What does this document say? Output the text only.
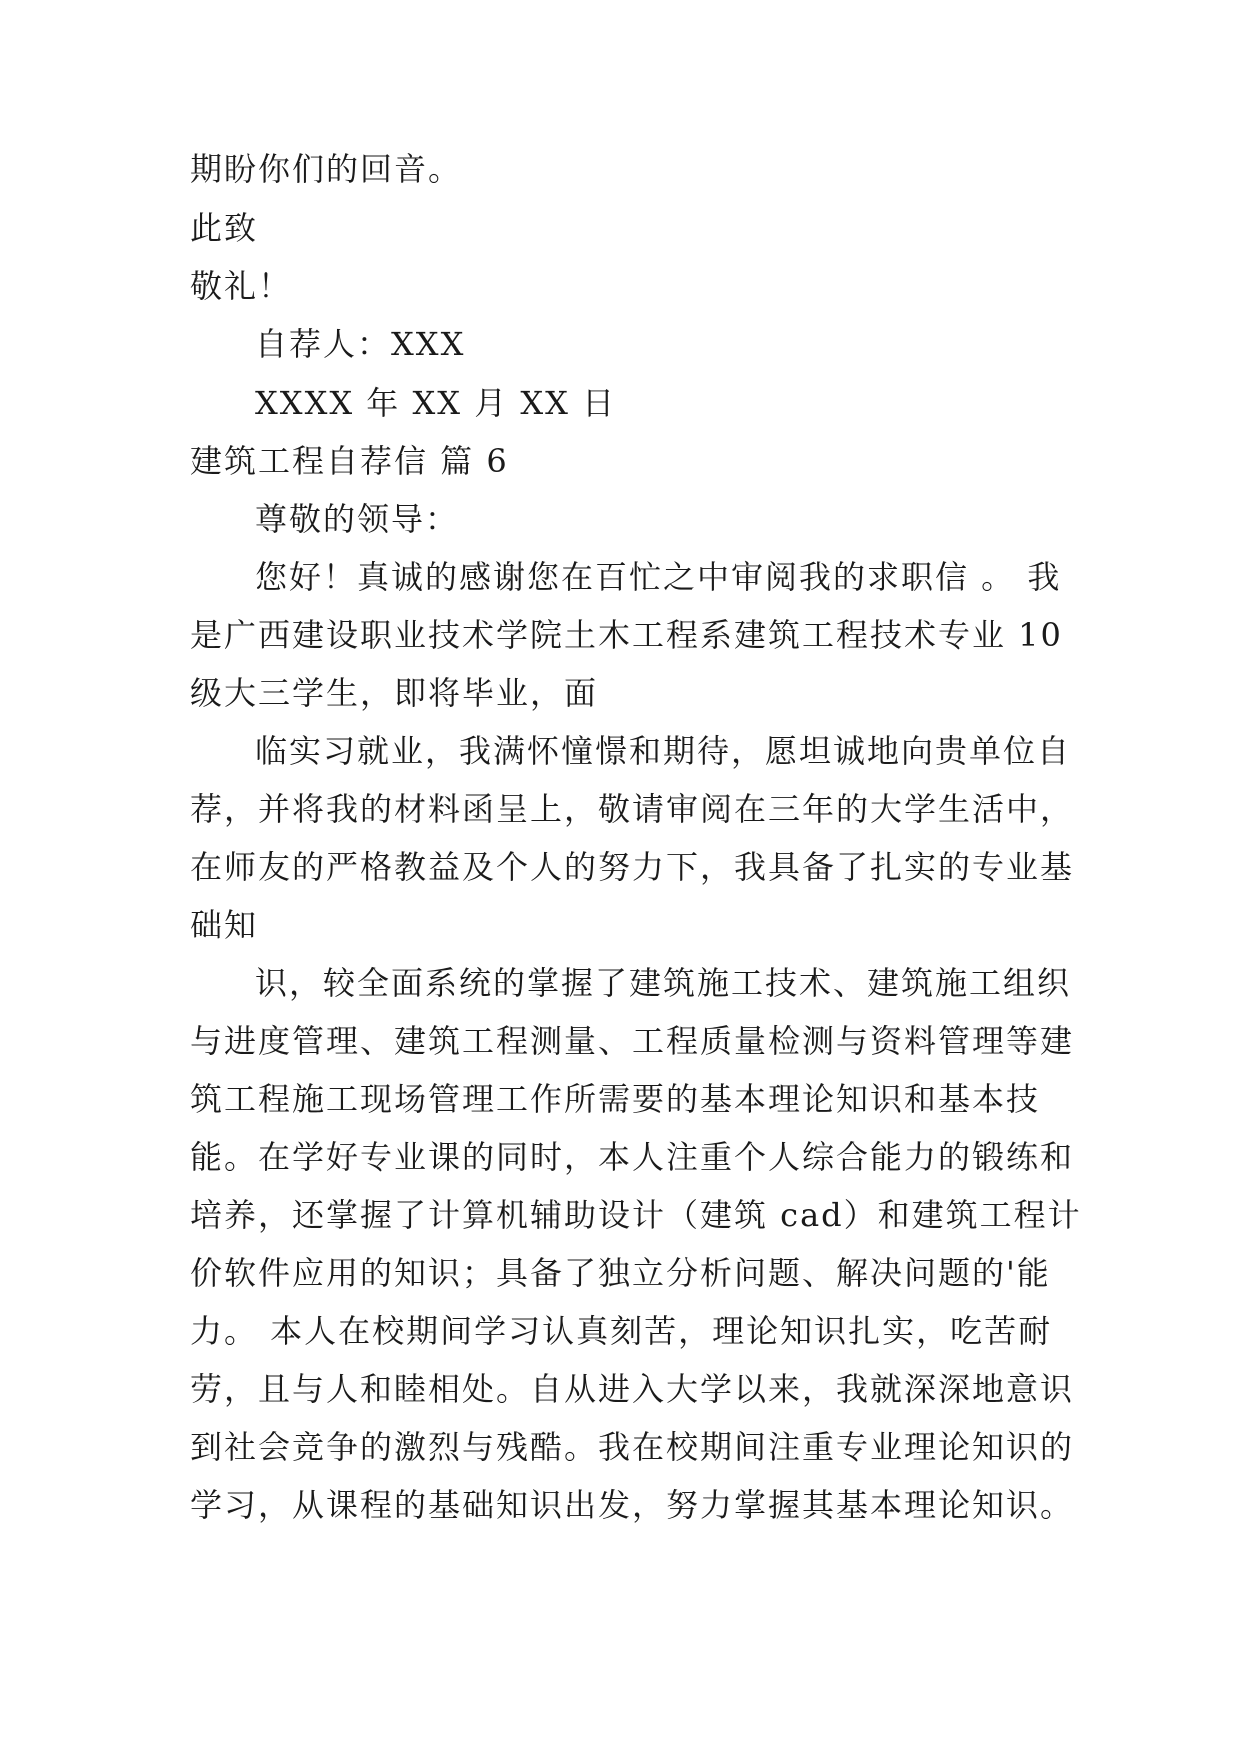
期盼你们的回音。
此致
敬礼！
自荐人：XXX
XXXX 年 XX 月 XX 日
建筑工程自荐信 篇 6
尊敬的领导：
您好！真诚的感谢您在百忙之中审阅我的求职信 。 我
是广西建设职业技术学院土木工程系建筑工程技术专业 10
级大三学生，即将毕业，面
临实习就业，我满怀憧憬和期待，愿坦诚地向贵单位自
荐，并将我的材料函呈上，敬请审阅在三年的大学生活中，
在师友的严格教益及个人的努力下，我具备了扎实的专业基
础知
识，较全面系统的掌握了建筑施工技术、建筑施工组织
与进度管理、建筑工程测量、工程质量检测与资料管理等建
筑工程施工现场管理工作所需要的基本理论知识和基本技
能。在学好专业课的同时，本人注重个人综合能力的锻练和
培养，还掌握了计算机辅助设计（建筑 cad）和建筑工程计
价软件应用的知识；具备了独立分析问题、解决问题的'能
力。 本人在校期间学习认真刻苦，理论知识扎实，吃苦耐
劳，且与人和睦相处。自从进入大学以来，我就深深地意识
到社会竞争的激烈与残酷。我在校期间注重专业理论知识的
学习，从课程的基础知识出发，努力掌握其基本理论知识。
